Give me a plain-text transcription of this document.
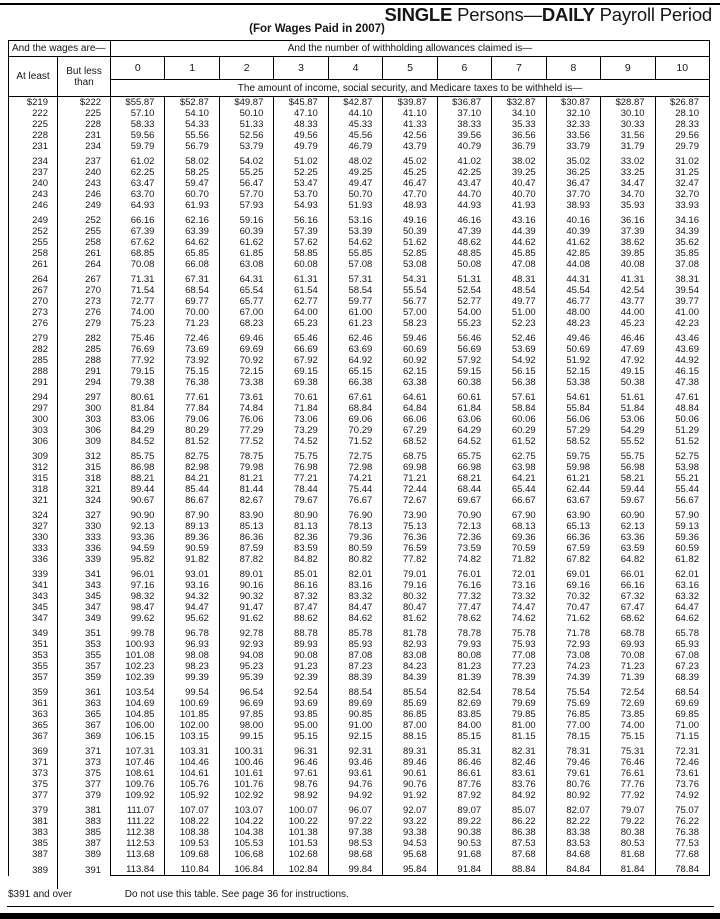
SINGLE Persons—DAILY Payroll Period
(For Wages Paid in 2007)
And the wages are—		And the number of withholding allowances claimed is—										
At least	But less than	0	1	2	3	4	5	6	7	8	9	10
		The amount of income, social security, and Medicare taxes to be withheld is—										
$219	$222	$55.87	$52.87	$49.87	$45.87	$42.87	$39.87	$36.87	$32.87	$30.87	$28.87	$26.87
222	225	57.10	54.10	50.10	47.10	44.10	41.10	37.10	34.10	32.10	30.10	28.10
225	228	58.33	54.33	51.33	48.33	45.33	41.33	38.33	35.33	32.33	30.33	28.33
228	231	59.56	55.56	52.56	49.56	45.56	42.56	39.56	36.56	33.56	31.56	29.56
231	234	59.79	56.79	53.79	49.79	46.79	43.79	40.79	36.79	33.79	31.79	29.79
234	237	61.02	58.02	54.02	51.02	48.02	45.02	41.02	38.02	35.02	33.02	31.02
237	240	62.25	58.25	55.25	52.25	49.25	45.25	42.25	39.25	36.25	33.25	31.25
240	243	63.47	59.47	56.47	53.47	49.47	46.47	43.47	40.47	36.47	34.47	32.47
243	246	63.70	60.70	57.70	53.70	50.70	47.70	44.70	40.70	37.70	34.70	32.70
246	249	64.93	61.93	57.93	54.93	51.93	48.93	44.93	41.93	38.93	35.93	33.93
249	252	66.16	62.16	59.16	56.16	53.16	49.16	46.16	43.16	40.16	36.16	34.16
252	255	67.39	63.39	60.39	57.39	53.39	50.39	47.39	44.39	40.39	37.39	34.39
255	258	67.62	64.62	61.62	57.62	54.62	51.62	48.62	44.62	41.62	38.62	35.62
258	261	68.85	65.85	61.85	58.85	55.85	52.85	48.85	45.85	42.85	39.85	35.85
261	264	70.08	66.08	63.08	60.08	57.08	53.08	50.08	47.08	44.08	40.08	37.08
264	267	71.31	67.31	64.31	61.31	57.31	54.31	51.31	48.31	44.31	41.31	38.31
267	270	71.54	68.54	65.54	61.54	58.54	55.54	52.54	48.54	45.54	42.54	39.54
270	273	72.77	69.77	65.77	62.77	59.77	56.77	52.77	49.77	46.77	43.77	39.77
273	276	74.00	70.00	67.00	64.00	61.00	57.00	54.00	51.00	48.00	44.00	41.00
276	279	75.23	71.23	68.23	65.23	61.23	58.23	55.23	52.23	48.23	45.23	42.23
279	282	75.46	72.46	69.46	65.46	62.46	59.46	56.46	52.46	49.46	46.46	43.46
282	285	76.69	73.69	69.69	66.69	63.69	60.69	56.69	53.69	50.69	47.69	43.69
285	288	77.92	73.92	70.92	67.92	64.92	60.92	57.92	54.92	51.92	47.92	44.92
288	291	79.15	75.15	72.15	69.15	65.15	62.15	59.15	56.15	52.15	49.15	46.15
291	294	79.38	76.38	73.38	69.38	66.38	63.38	60.38	56.38	53.38	50.38	47.38
294	297	80.61	77.61	73.61	70.61	67.61	64.61	60.61	57.61	54.61	51.61	47.61
297	300	81.84	77.84	74.84	71.84	68.84	64.84	61.84	58.84	55.84	51.84	48.84
300	303	83.06	79.06	76.06	73.06	69.06	66.06	63.06	60.06	56.06	53.06	50.06
303	306	84.29	80.29	77.29	73.29	70.29	67.29	64.29	60.29	57.29	54.29	51.29
306	309	84.52	81.52	77.52	74.52	71.52	68.52	64.52	61.52	58.52	55.52	51.52
309	312	85.75	82.75	78.75	75.75	72.75	68.75	65.75	62.75	59.75	55.75	52.75
312	315	86.98	82.98	79.98	76.98	72.98	69.98	66.98	63.98	59.98	56.98	53.98
315	318	88.21	84.21	81.21	77.21	74.21	71.21	68.21	64.21	61.21	58.21	55.21
318	321	89.44	85.44	81.44	78.44	75.44	72.44	68.44	65.44	62.44	59.44	55.44
321	324	90.67	86.67	82.67	79.67	76.67	72.67	69.67	66.67	63.67	59.67	56.67
324	327	90.90	87.90	83.90	80.90	76.90	73.90	70.90	67.90	63.90	60.90	57.90
327	330	92.13	89.13	85.13	81.13	78.13	75.13	72.13	68.13	65.13	62.13	59.13
330	333	93.36	89.36	86.36	82.36	79.36	76.36	72.36	69.36	66.36	63.36	59.36
333	336	94.59	90.59	87.59	83.59	80.59	76.59	73.59	70.59	67.59	63.59	60.59
336	339	95.82	91.82	87.82	84.82	80.82	77.82	74.82	71.82	67.82	64.82	61.82
339	341	96.01	93.01	89.01	85.01	82.01	79.01	76.01	72.01	69.01	66.01	62.01
341	343	97.16	93.16	90.16	86.16	83.16	79.16	76.16	73.16	69.16	66.16	63.16
343	345	98.32	94.32	90.32	87.32	83.32	80.32	77.32	73.32	70.32	67.32	63.32
345	347	98.47	94.47	91.47	87.47	84.47	80.47	77.47	74.47	70.47	67.47	64.47
347	349	99.62	95.62	91.62	88.62	84.62	81.62	78.62	74.62	71.62	68.62	64.62
349	351	99.78	96.78	92.78	88.78	85.78	81.78	78.78	75.78	71.78	68.78	65.78
351	353	100.93	96.93	92.93	89.93	85.93	82.93	79.93	75.93	72.93	69.93	65.93
353	355	101.08	98.08	94.08	90.08	87.08	83.08	80.08	77.08	73.08	70.08	67.08
355	357	102.23	98.23	95.23	91.23	87.23	84.23	81.23	77.23	74.23	71.23	67.23
357	359	102.39	99.39	95.39	92.39	88.39	84.39	81.39	78.39	74.39	71.39	68.39
359	361	103.54	99.54	96.54	92.54	88.54	85.54	82.54	78.54	75.54	72.54	68.54
361	363	104.69	100.69	96.69	93.69	89.69	85.69	82.69	79.69	75.69	72.69	69.69
363	365	104.85	101.85	97.85	93.85	90.85	86.85	83.85	79.85	76.85	73.85	69.85
365	367	106.00	102.00	98.00	95.00	91.00	87.00	84.00	81.00	77.00	74.00	71.00
367	369	106.15	103.15	99.15	95.15	92.15	88.15	85.15	81.15	78.15	75.15	71.15
369	371	107.31	103.31	100.31	96.31	92.31	89.31	85.31	82.31	78.31	75.31	72.31
371	373	107.46	104.46	100.46	96.46	93.46	89.46	86.46	82.46	79.46	76.46	72.46
373	375	108.61	104.61	101.61	97.61	93.61	90.61	86.61	83.61	79.61	76.61	73.61
375	377	109.76	105.76	101.76	98.76	94.76	90.76	87.76	83.76	80.76	77.76	73.76
377	379	109.92	105.92	102.92	98.92	94.92	91.92	87.92	84.92	80.92	77.92	74.92
379	381	111.07	107.07	103.07	100.07	96.07	92.07	89.07	85.07	82.07	79.07	75.07
381	383	111.22	108.22	104.22	100.22	97.22	93.22	89.22	86.22	82.22	79.22	76.22
383	385	112.38	108.38	104.38	101.38	97.38	93.38	90.38	86.38	83.38	80.38	76.38
385	387	112.53	109.53	105.53	101.53	98.53	94.53	90.53	87.53	83.53	80.53	77.53
387	389	113.68	109.68	106.68	102.68	98.68	95.68	91.68	87.68	84.68	81.68	77.68
389	391	113.84	110.84	106.84	102.84	99.84	95.84	91.84	88.84	84.84	81.84	78.84
$391 and over	Do not use this table. See page 36 for instructions.
